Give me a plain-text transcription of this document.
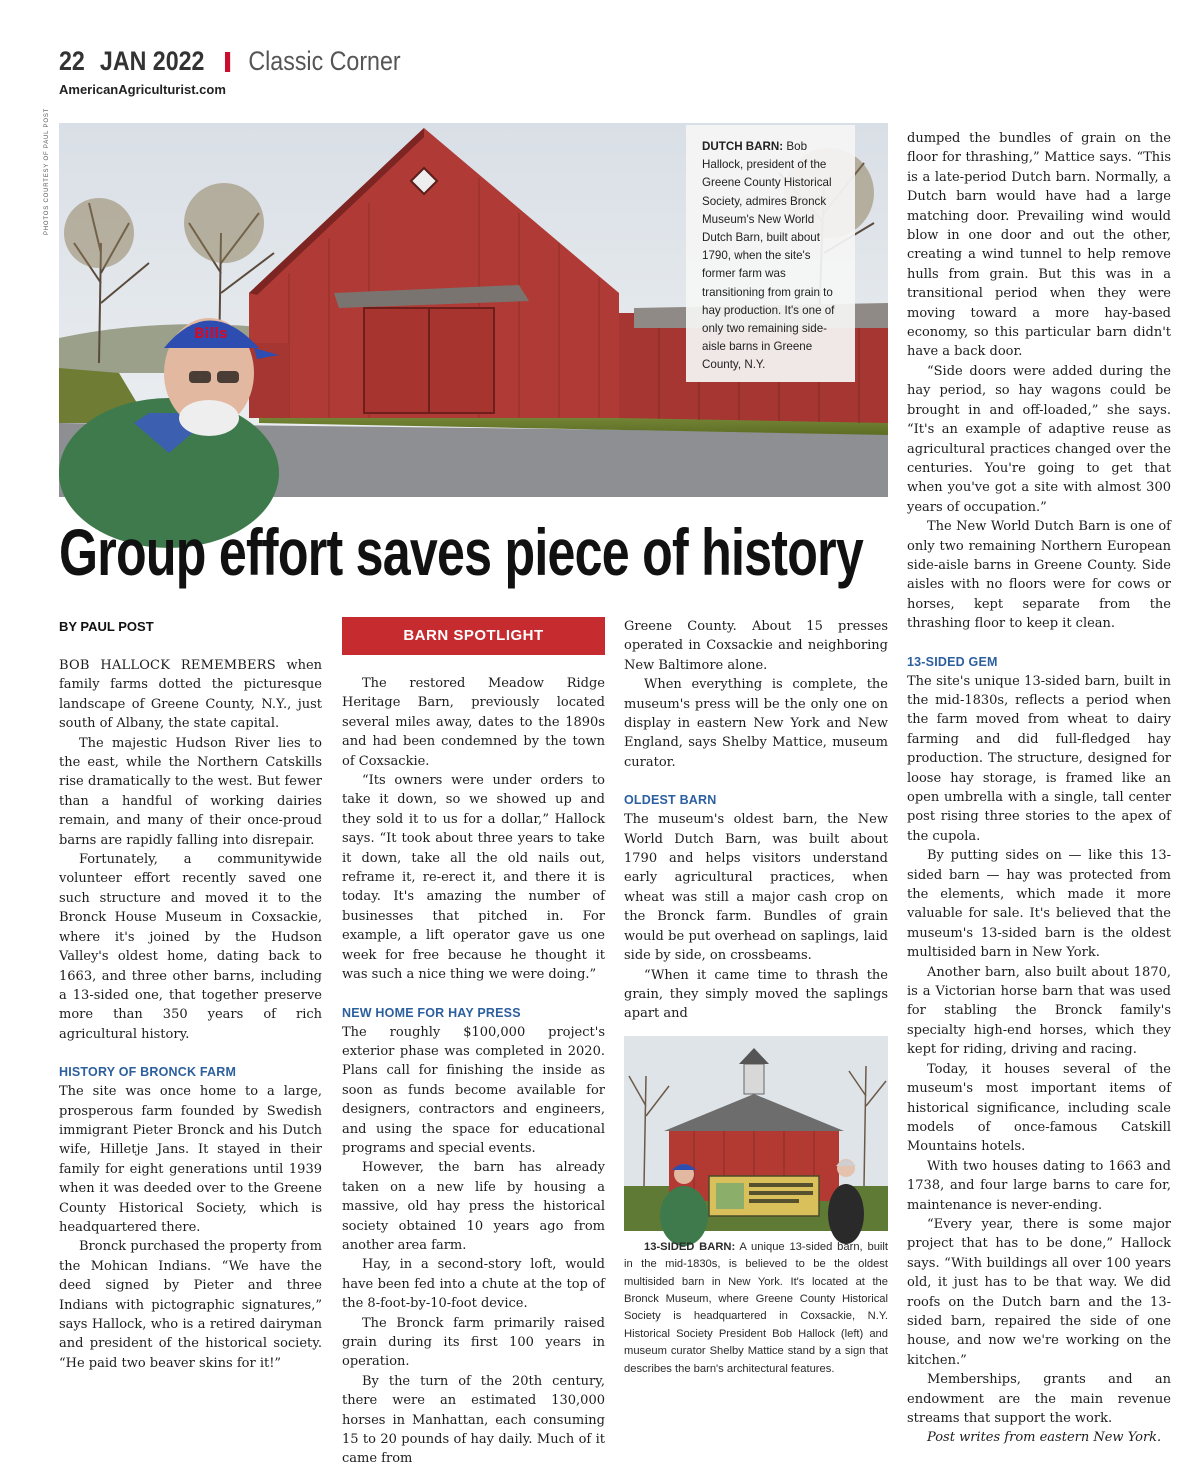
22 JAN 2022 Classic Corner
AmericanAgriculturist.com
PHOTOS COURTESY OF PAUL POST
Bills

DUTCH BARN: Bob Hallock, president of the Greene County Historical Society, admires Bronck Museum's New World Dutch Barn, built about 1790, when the site's former farm was transitioning from grain to hay production. It's one of only two remaining side-aisle barns in Greene County, N.Y.

Group effort saves piece of history
BY PAUL POST

BOB HALLOCK REMEMBERS when family farms dotted the picturesque landscape of Greene County, N.Y., just south of Albany, the state capital.

The majestic Hudson River lies to the east, while the Northern Catskills rise dramatically to the west. But fewer than a handful of working dairies remain, and many of their once-proud barns are rapidly falling into disrepair.

Fortunately, a communitywide volunteer effort recently saved one such structure and moved it to the Bronck House Museum in Coxsackie, where it's joined by the Hudson Valley's oldest home, dating back to 1663, and three other barns, including a 13-sided one, that together preserve more than 350 years of rich agricultural history.

HISTORY OF BRONCK FARM

The site was once home to a large, prosperous farm founded by Swedish immigrant Pieter Bronck and his Dutch wife, Hilletje Jans. It stayed in their family for eight generations until 1939 when it was deeded over to the Greene County Historical Society, which is headquartered there.

Bronck purchased the property from the Mohican Indians. “We have the deed signed by Pieter and three Indians with pictographic signatures,” says Hallock, who is a retired dairyman and president of the historical society. “He paid two beaver skins for it!”

BARN SPOTLIGHT

The restored Meadow Ridge Heritage Barn, previously located several miles away, dates to the 1890s and had been condemned by the town of Coxsackie.

“Its owners were under orders to take it down, so we showed up and they sold it to us for a dollar,” Hallock says. “It took about three years to take it down, take all the old nails out, reframe it, re-erect it, and there it is today. It's amazing the number of businesses that pitched in. For example, a lift operator gave us one week for free because he thought it was such a nice thing we were doing.”

NEW HOME FOR HAY PRESS

The roughly $100,000 project's exterior phase was completed in 2020. Plans call for finishing the inside as soon as funds become available for designers, contractors and engineers, and using the space for educational programs and special events.

However, the barn has already taken on a new life by housing a massive, old hay press the historical society obtained 10 years ago from another area farm.

Hay, in a second-story loft, would have been fed into a chute at the top of the 8-foot-by-10-foot device.

The Bronck farm primarily raised grain during its first 100 years in operation.

By the turn of the 20th century, there were an estimated 130,000 horses in Manhattan, each consuming 15 to 20 pounds of hay daily. Much of it came from

Greene County. About 15 presses operated in Coxsackie and neighboring New Baltimore alone.

When everything is complete, the museum's press will be the only one on display in eastern New York and New England, says Shelby Mattice, museum curator.

OLDEST BARN

The museum's oldest barn, the New World Dutch Barn, was built about 1790 and helps visitors understand early agricultural practices, when wheat was still a major cash crop on the Bronck farm. Bundles of grain would be put overhead on saplings, laid side by side, on crossbeams.

“When it came time to thrash the grain, they simply moved the saplings apart and

13-SIDED BARN: A unique 13-sided barn, built in the mid-1830s, is believed to be the oldest multisided barn in New York. It's located at the Bronck Museum, where Greene County Historical Society is headquartered in Coxsackie, N.Y. Historical Society President Bob Hallock (left) and museum curator Shelby Mattice stand by a sign that describes the barn's architectural features.

dumped the bundles of grain on the floor for thrashing,” Mattice says. “This is a late-period Dutch barn. Normally, a Dutch barn would have had a large matching door. Prevailing wind would blow in one door and out the other, creating a wind tunnel to help remove hulls from grain. But this was in a transitional period when they were moving toward a more hay-based economy, so this particular barn didn't have a back door.

“Side doors were added during the hay period, so hay wagons could be brought in and off-loaded,” she says. “It's an example of adaptive reuse as agricultural practices changed over the centuries. You're going to get that when you've got a site with almost 300 years of occupation.”

The New World Dutch Barn is one of only two remaining Northern European side-aisle barns in Greene County. Side aisles with no floors were for cows or horses, kept separate from the thrashing floor to keep it clean.

13-SIDED GEM

The site's unique 13-sided barn, built in the mid-1830s, reflects a period when the farm moved from wheat to dairy farming and did full-fledged hay production. The structure, designed for loose hay storage, is framed like an open umbrella with a single, tall center post rising three stories to the apex of the cupola.

By putting sides on — like this 13-sided barn — hay was protected from the elements, which made it more valuable for sale. It's believed that the museum's 13-sided barn is the oldest multisided barn in New York.

Another barn, also built about 1870, is a Victorian horse barn that was used for stabling the Bronck family's specialty high-end horses, which they kept for riding, driving and racing.

Today, it houses several of the museum's most important items of historical significance, including scale models of once-famous Catskill Mountains hotels.

With two houses dating to 1663 and 1738, and four large barns to care for, maintenance is never-ending.

“Every year, there is some major project that has to be done,” Hallock says. “With buildings all over 100 years old, it just has to be that way. We did roofs on the Dutch barn and the 13-sided barn, repaired the side of one house, and now we're working on the kitchen.”

Memberships, grants and an endowment are the main revenue streams that support the work.

Post writes from eastern New York.
